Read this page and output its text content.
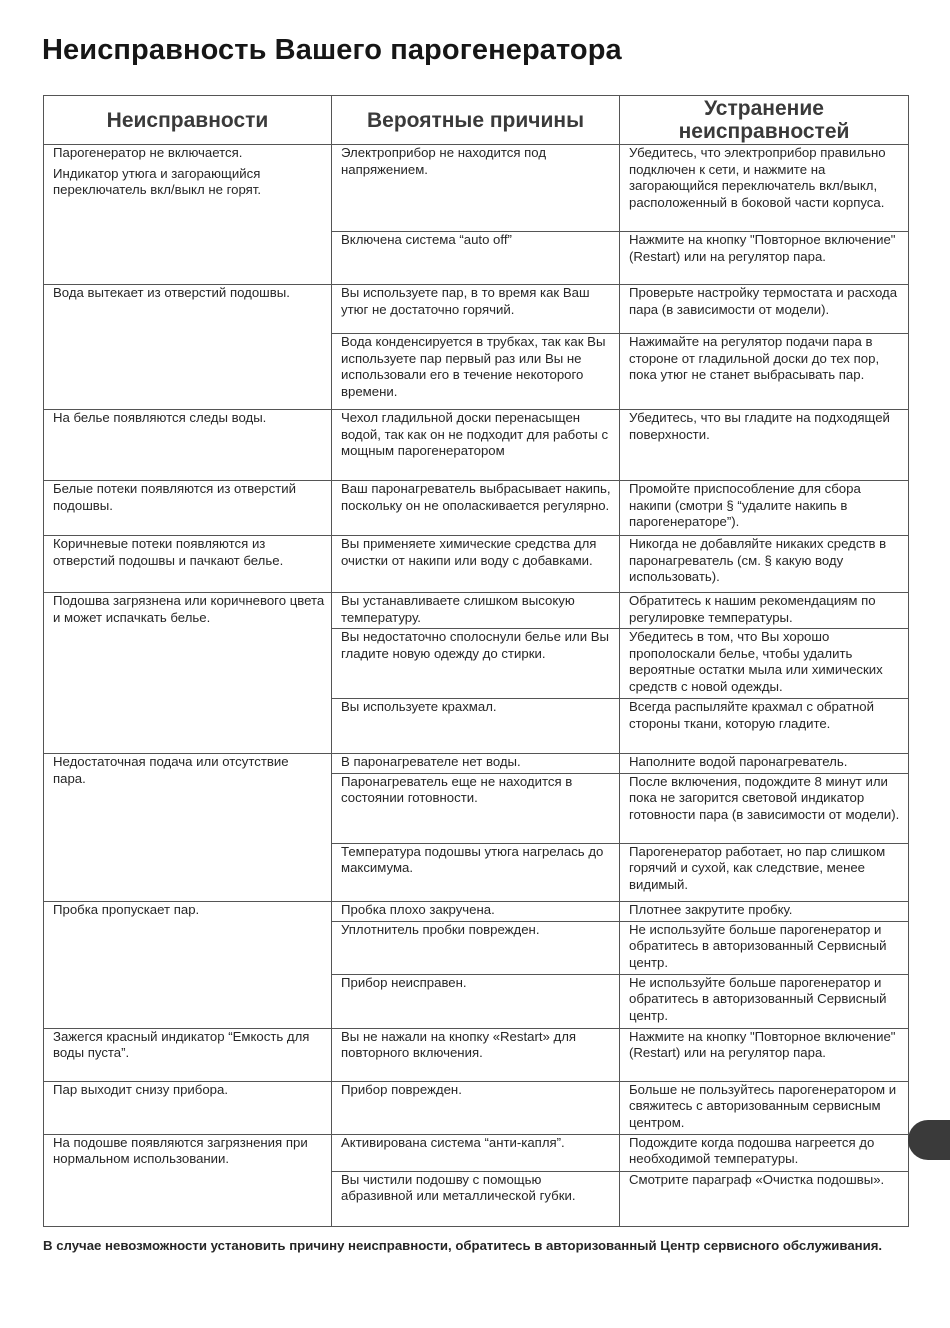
Неисправность Вашего парогенератора
Неисправности	Вероятные причины	Устранение неисправностей

Парогенератор не включается.
Индикатор утюга и загорающийся переключатель вкл/выкл не горят.	Электроприбор не находится под напряжением.	Убедитесь, что электроприбор правильно подключен к сети, и нажмите на загорающийся переключатель вкл/выкл, расположенный в боковой части корпуса.
	Включена система “auto off”	Нажмите на кнопку "Повторное включение" (Restart) или на регулятор пара.

Вода вытекает из отверстий подошвы.	Вы используете пар, в то время как Ваш утюг не достаточно горячий.	Проверьте настройку термостата и расхода пара (в зависимости от модели).
	Вода конденсируется в трубках, так как Вы используете пар первый раз или Вы не использовали его в течение некоторого времени.	Нажимайте на регулятор подачи пара в стороне от гладильной доски до тех пор, пока утюг не станет выбрасывать пар.

На белье появляются следы воды.	Чехол гладильной доски перенасыщен водой, так как он не подходит для работы с мощным парогенератором	Убедитесь, что вы гладите на подходящей поверхности.

Белые потеки появляются из отверстий подошвы.	Ваш паронагреватель выбрасывает накипь, поскольку он не ополаскивается регулярно.	Промойте приспособление для сбора накипи (смотри § “удалите накипь в парогенераторе”).

Коричневые потеки появляются из отверстий подошвы и пачкают белье.	Вы применяете химические средства для очистки от накипи или воду с добавками.	Никогда не добавляйте никаких средств в паронагреватель (см. § какую воду использовать).

Подошва загрязнена или коричневого цвета и может испачкать белье.	Вы устанавливаете слишком высокую температуру.	Обратитесь к нашим рекомендациям по регулировке температуры.
	Вы недостаточно сполоснули белье или Вы гладите новую одежду до стирки.	Убедитесь в том, что Вы хорошо прополоскали белье, чтобы удалить вероятные остатки мыла или химических средств с новой одежды.
	Вы используете крахмал.	Всегда распыляйте крахмал с обратной стороны ткани, которую гладите.

Недостаточная подача или отсутствие пара.	В паронагревателе нет воды.	Наполните водой паронагреватель.
	Паронагреватель еще не находится в состоянии готовности.	После включения, подождите 8 минут или пока не загорится световой индикатор готовности пара (в зависимости от модели).
	Температура подошвы утюга нагрелась до максимума.	Парогенератор работает, но пар слишком горячий и сухой, как следствие, менее видимый.

Пробка пропускает пар.	Пробка плохо закручена.	Плотнее закрутите пробку.
	Уплотнитель пробки поврежден.	Не используйте больше парогенератор и обратитесь в авторизованный Сервисный центр.
	Прибор неисправен.	Не используйте больше парогенератор и обратитесь в авторизованный Сервисный центр.

Зажегся красный индикатор “Емкость для воды пуста”.	Вы не нажали на кнопку «Restart» для повторного включения.	Нажмите на кнопку "Повторное включение" (Restart) или на регулятор пара.

Пар выходит снизу прибора.	Прибор поврежден.	Больше не пользуйтесь парогенератором и свяжитесь с авторизованным сервисным центром.

На подошве появляются загрязнения при нормальном использовании.	Активирована система “анти-капля”.	Подождите когда подошва нагреется до необходимой температуры.
	Вы чистили подошву с помощью абразивной или металлической губки.	Смотрите параграф «Очистка подошвы».

В случае невозможности установить причину неисправности, обратитесь в авторизованный Центр сервисного обслуживания.
